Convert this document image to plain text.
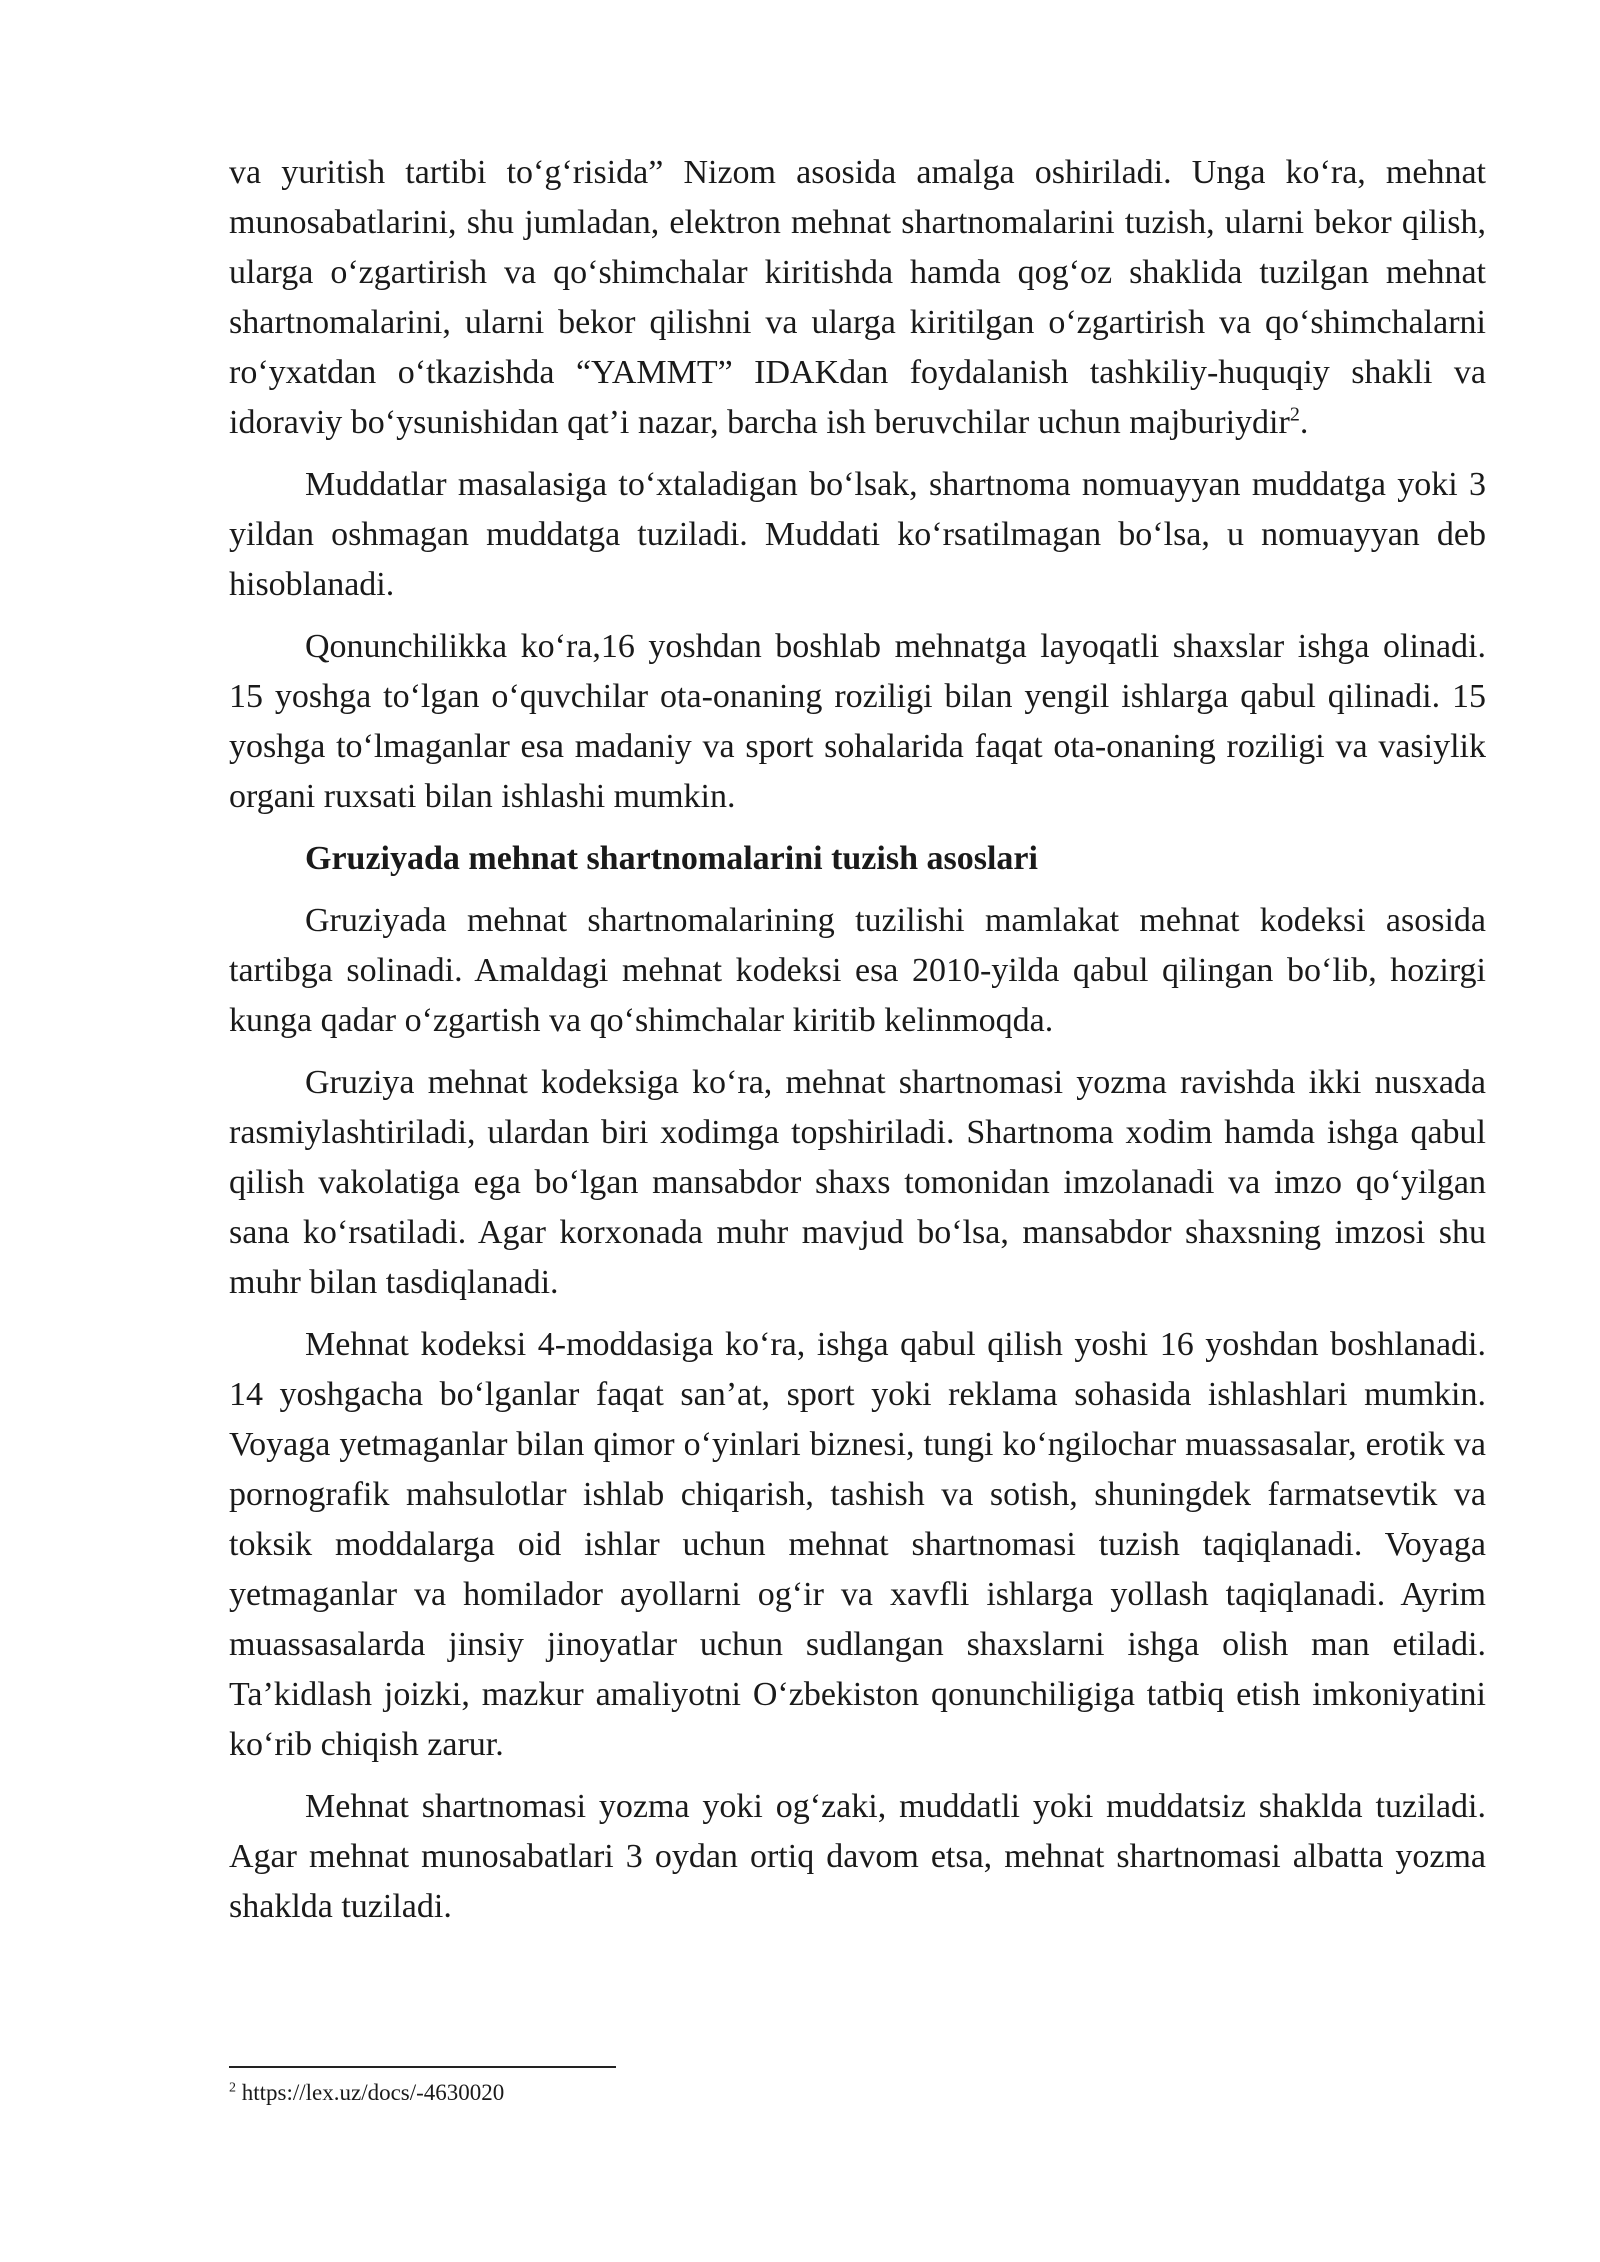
va yuritish tartibi to‘g‘risida” Nizom asosida amalga oshiriladi. Unga ko‘ra, mehnat munosabatlarini, shu jumladan, elektron mehnat shartnomalarini tuzish, ularni bekor qilish, ularga o‘zgartirish va qo‘shimchalar kiritishda hamda qog‘oz shaklida tuzilgan mehnat shartnomalarini, ularni bekor qilishni va ularga kiritilgan o‘zgartirish va qo‘shimchalarni ro‘yxatdan o‘tkazishda “YAMMT” IDAKdan foydalanish tashkiliy-huquqiy shakli va idoraviy bo‘ysunishidan qat’i nazar, barcha ish beruvchilar uchun majburiydir$^2$.

Muddatlar masalasiga to‘xtaladigan bo‘lsak, shartnoma nomuayyan muddatga yoki 3 yildan oshmagan muddatga tuziladi. Muddati ko‘rsatilmagan bo‘lsa, u nomuayyan deb hisoblanadi.

Qonunchilikka ko‘ra,16 yoshdan boshlab mehnatga layoqatli shaxslar ishga olinadi. 15 yoshga to‘lgan o‘quvchilar ota-onaning roziligi bilan yengil ishlarga qabul qilinadi. 15 yoshga to‘lmaganlar esa madaniy va sport sohalarida faqat ota-onaning roziligi va vasiylik organi ruxsati bilan ishlashi mumkin.

Gruziyada mehnat shartnomalarini tuzish asoslari

Gruziyada mehnat shartnomalarining tuzilishi mamlakat mehnat kodeksi asosida tartibga solinadi. Amaldagi mehnat kodeksi esa 2010-yilda qabul qilingan bo‘lib, hozirgi kunga qadar o‘zgartish va qo‘shimchalar kiritib kelinmoqda.

Gruziya mehnat kodeksiga ko‘ra, mehnat shartnomasi yozma ravishda ikki nusxada rasmiylashtiriladi, ulardan biri xodimga topshiriladi. Shartnoma xodim hamda ishga qabul qilish vakolatiga ega bo‘lgan mansabdor shaxs tomonidan imzolanadi va imzo qo‘yilgan sana ko‘rsatiladi. Agar korxonada muhr mavjud bo‘lsa, mansabdor shaxsning imzosi shu muhr bilan tasdiqlanadi.

Mehnat kodeksi 4-moddasiga ko‘ra, ishga qabul qilish yoshi 16 yoshdan boshlanadi. 14 yoshgacha bo‘lganlar faqat san’at, sport yoki reklama sohasida ishlashlari mumkin. Voyaga yetmaganlar bilan qimor o‘yinlari biznesi, tungi ko‘ngilochar muassasalar, erotik va pornografik mahsulotlar ishlab chiqarish, tashish va sotish, shuningdek farmatsevtik va toksik moddalarga oid ishlar uchun mehnat shartnomasi tuzish taqiqlanadi. Voyaga yetmaganlar va homilador ayollarni og‘ir va xavfli ishlarga yollash taqiqlanadi. Ayrim muassasalarda jinsiy jinoyatlar uchun sudlangan shaxslarni ishga olish man etiladi. Ta’kidlash joizki, mazkur amaliyotni O‘zbekiston qonunchiligiga tatbiq etish imkoniyatini ko‘rib chiqish zarur.

Mehnat shartnomasi yozma yoki og‘zaki, muddatli yoki muddatsiz shaklda tuziladi. Agar mehnat munosabatlari 3 oydan ortiq davom etsa, mehnat shartnomasi albatta yozma shaklda tuziladi.

$^2$ https://lex.uz/docs/-4630020
